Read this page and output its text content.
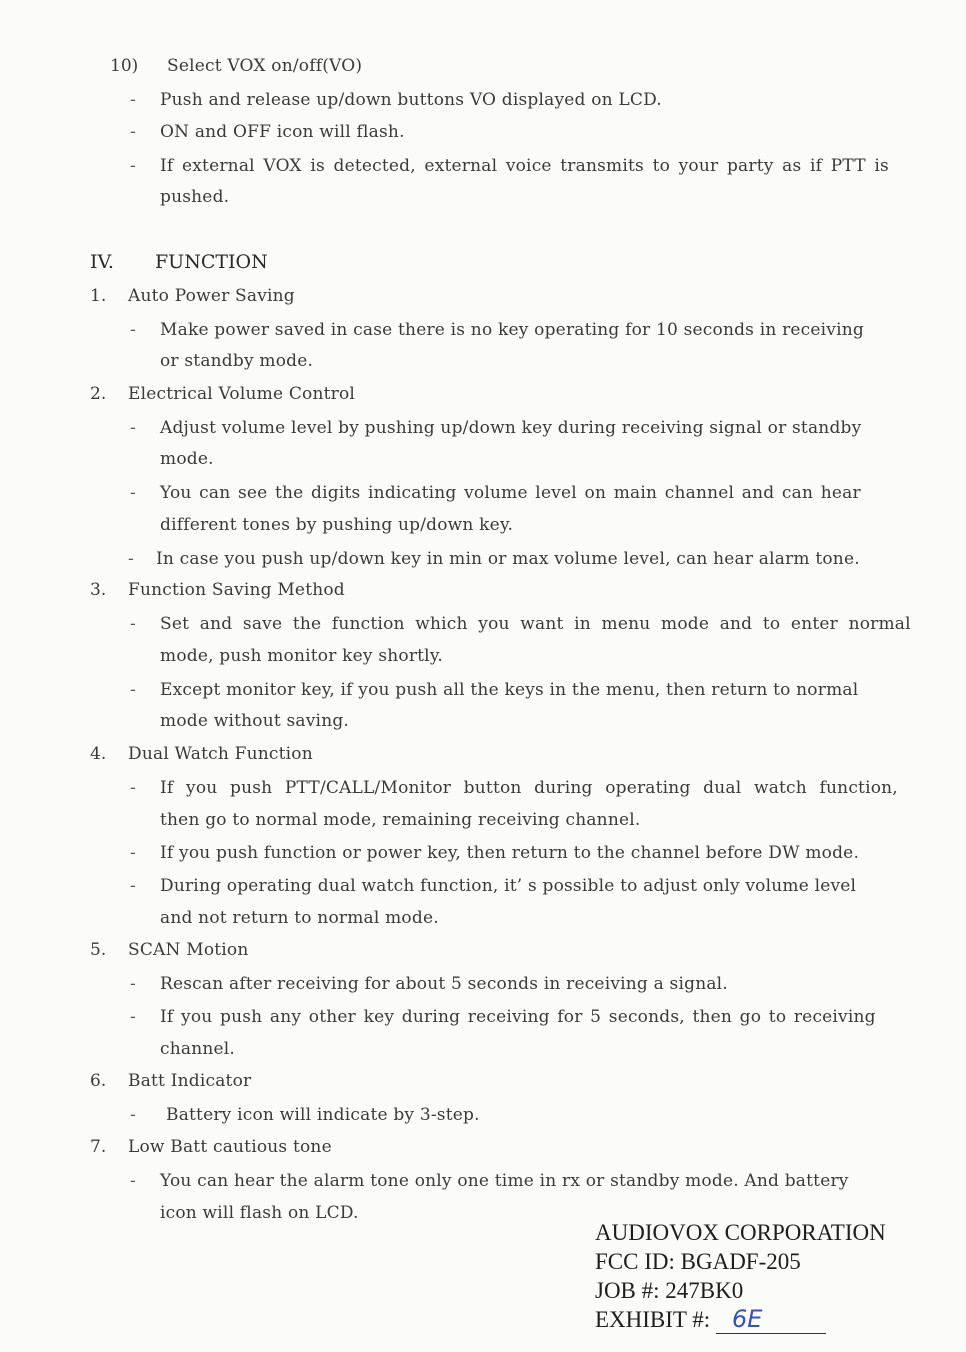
10) Select VOX on/off(VO)
- Push and release up/down buttons VO displayed on LCD.
- ON and OFF icon will flash.
- If external VOX is detected, external voice transmits to your party as if PTT is
pushed.
IV. FUNCTION
1. Auto Power Saving
- Make power saved in case there is no key operating for 10 seconds in receiving
or standby mode.
2. Electrical Volume Control
- Adjust volume level by pushing up/down key during receiving signal or standby
mode.
- You can see the digits indicating volume level on main channel and can hear
different tones by pushing up/down key.
- In case you push up/down key in min or max volume level, can hear alarm tone.
3. Function Saving Method
- Set and save the function which you want in menu mode and to enter normal
mode, push monitor key shortly.
- Except monitor key, if you push all the keys in the menu, then return to normal
mode without saving.
4. Dual Watch Function
- If you push PTT/CALL/Monitor button during operating dual watch function,
then go to normal mode, remaining receiving channel.
- If you push function or power key, then return to the channel before DW mode.
- During operating dual watch function, it’ s possible to adjust only volume level
and not return to normal mode.
5. SCAN Motion
- Rescan after receiving for about 5 seconds in receiving a signal.
- If you push any other key during receiving for 5 seconds, then go to receiving
channel.
6. Batt Indicator
- Battery icon will indicate by 3-step.
7. Low Batt cautious tone
- You can hear the alarm tone only one time in rx or standby mode. And battery
icon will flash on LCD.
AUDIOVOX CORPORATION
FCC ID: BGADF-205
JOB #: 247BK0
EXHIBIT #: 6E
